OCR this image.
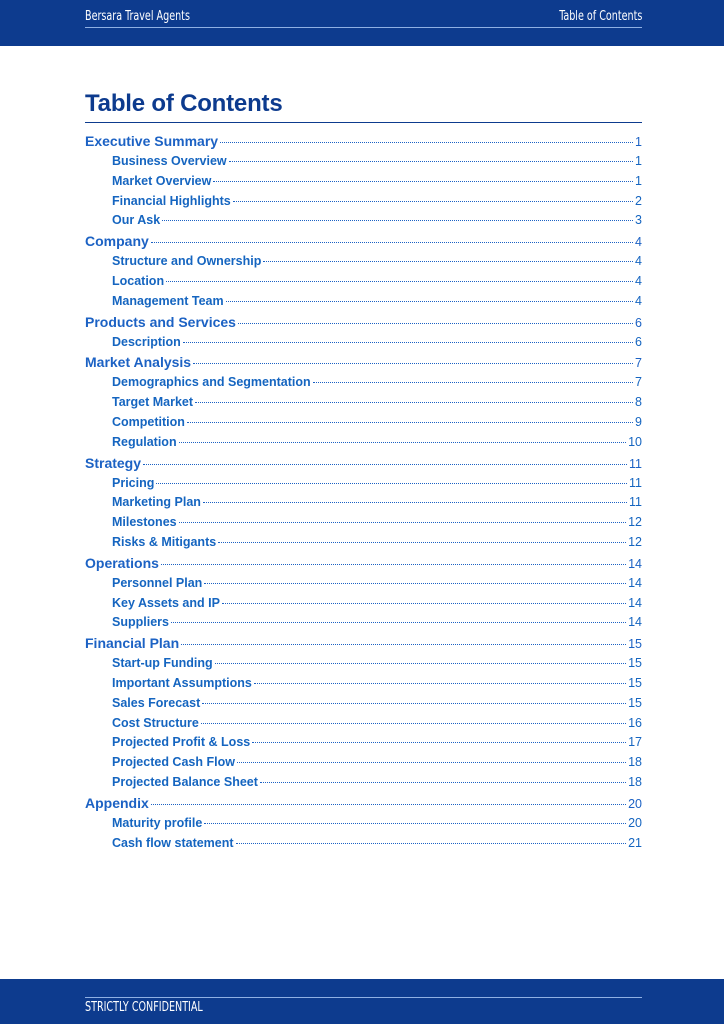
Bersara Travel Agents	Table of Contents
Table of Contents
Executive Summary	1
Business Overview	1
Market Overview	1
Financial Highlights	2
Our Ask	3
Company	4
Structure and Ownership	4
Location	4
Management Team	4
Products and Services	6
Description	6
Market Analysis	7
Demographics and Segmentation	7
Target Market	8
Competition	9
Regulation	10
Strategy	11
Pricing	11
Marketing Plan	11
Milestones	12
Risks & Mitigants	12
Operations	14
Personnel Plan	14
Key Assets and IP	14
Suppliers	14
Financial Plan	15
Start-up Funding	15
Important Assumptions	15
Sales Forecast	15
Cost Structure	16
Projected Profit & Loss	17
Projected Cash Flow	18
Projected Balance Sheet	18
Appendix	20
Maturity profile	20
Cash flow statement	21
STRICTLY CONFIDENTIAL
